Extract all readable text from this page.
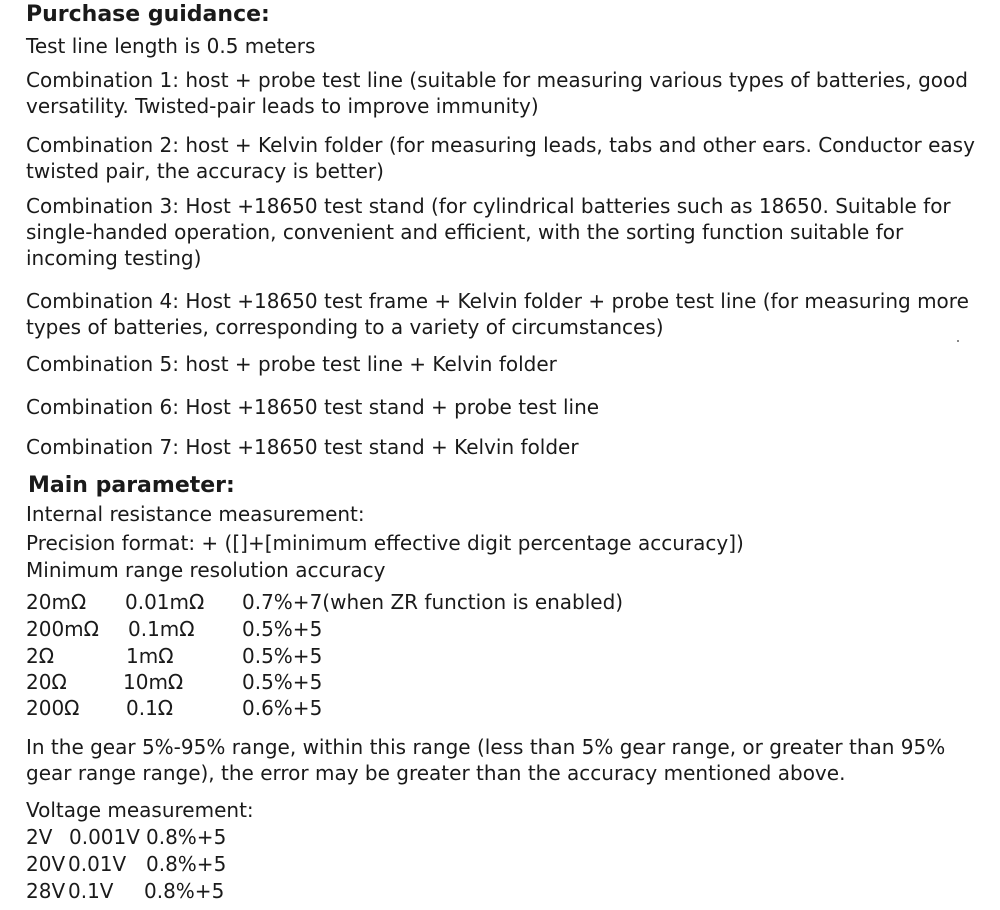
Purchase guidance:
Test line length is 0.5 meters
Combination 1: host + probe test line (suitable for measuring various types of batteries, good
versatility. Twisted-pair leads to improve immunity)
Combination 2: host + Kelvin folder (for measuring leads, tabs and other ears. Conductor easy
twisted pair, the accuracy is better)
Combination 3: Host +18650 test stand (for cylindrical batteries such as 18650. Suitable for
single-handed operation, convenient and efficient, with the sorting function suitable for
incoming testing)
Combination 4: Host +18650 test frame + Kelvin folder + probe test line (for measuring more
types of batteries, corresponding to a variety of circumstances)
Combination 5: host + probe test line + Kelvin folder
Combination 6: Host +18650 test stand + probe test line
Combination 7: Host +18650 test stand + Kelvin folder
Main parameter:
Internal resistance measurement:
Precision format: + ([]+[minimum effective digit percentage accuracy])
Minimum range resolution accuracy
20mΩ 0.01mΩ 0.7%+7(when ZR function is enabled)
200mΩ 0.1mΩ 0.5%+5
2Ω	1mΩ	0.5%+5
20Ω	10mΩ	0.5%+5
200Ω 0.1Ω	0.6%+5
In the gear 5%-95% range, within this range (less than 5% gear range, or greater than 95%
gear range range), the error may be greater than the accuracy mentioned above.
Voltage measurement:
2V 0.001V 0.8%+5
20V 0.01V 0.8%+5
28V 0.1V 0.8%+5
